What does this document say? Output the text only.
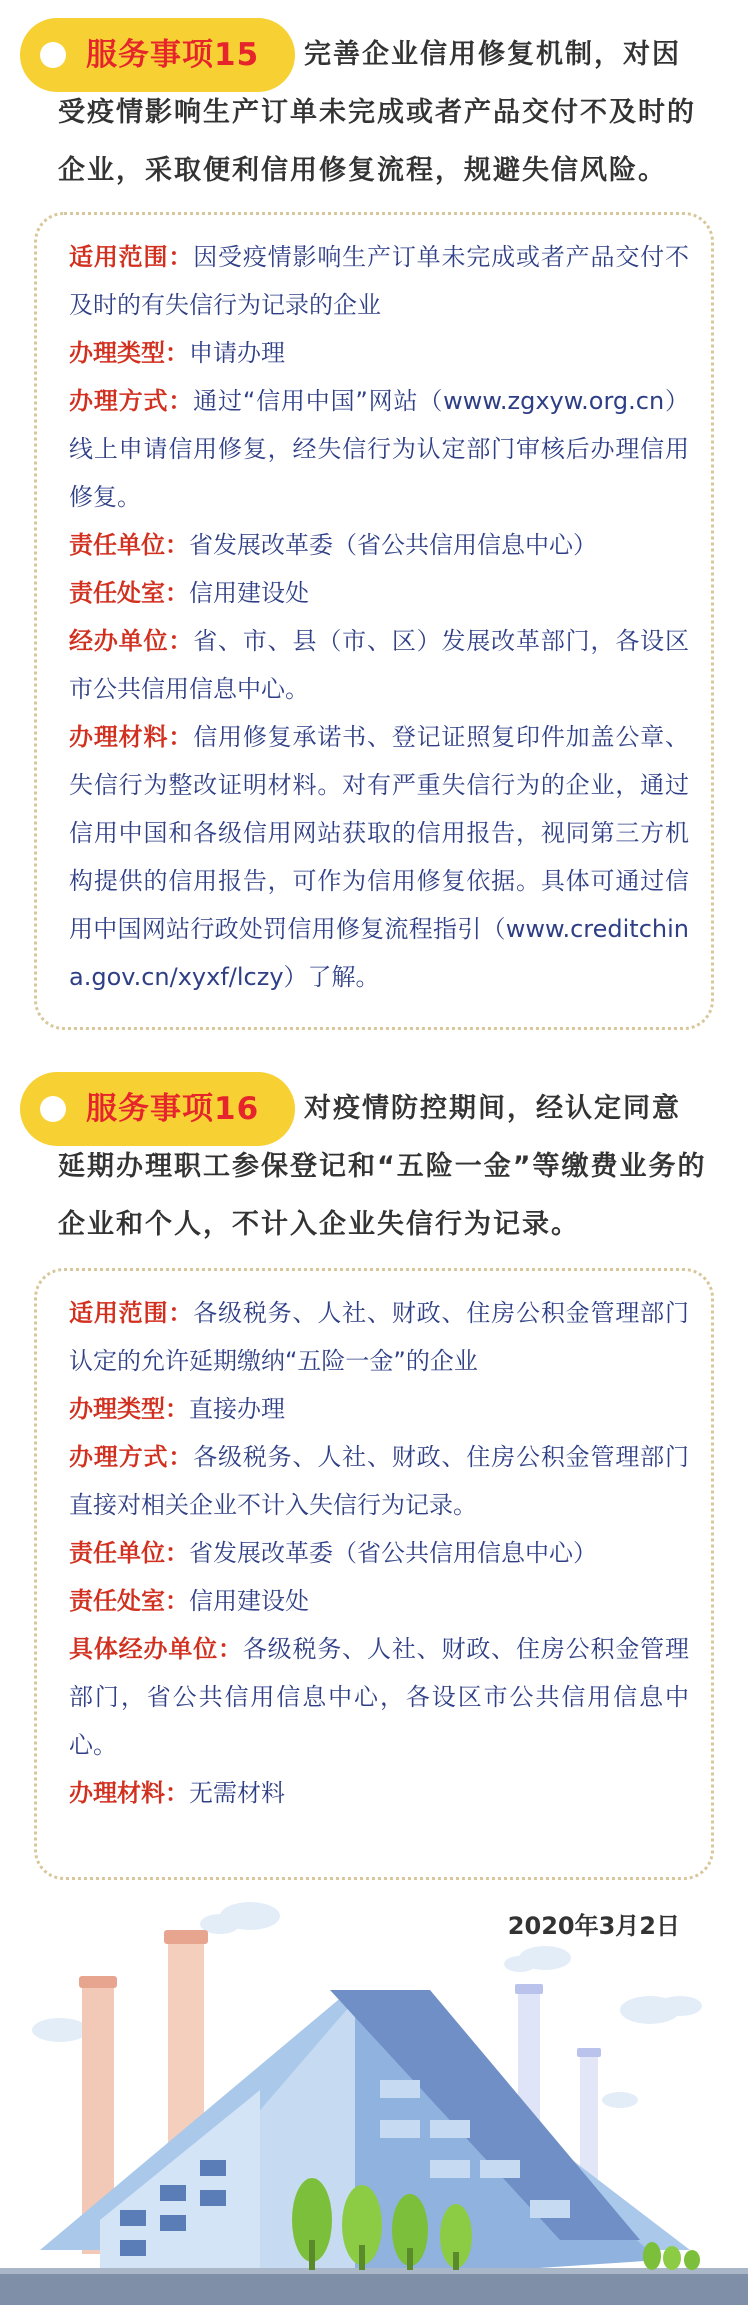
服务事项15	完善企业信用修复机制，对因受疫情影响生产订单未完成或者产品交付不及时的企业，采取便利信用修复流程，规避失信风险。

适用范围：因受疫情影响生产订单未完成或者产品交付不及时的有失信行为记录的企业

办理类型：申请办理

办理方式：通过“信用中国”网站（www.zgxyw.org.cn）线上申请信用修复，经失信行为认定部门审核后办理信用修复。

责任单位：省发展改革委（省公共信用信息中心）

责任处室：信用建设处

经办单位：省、市、县（市、区）发展改革部门，各设区市公共信用信息中心。

办理材料：信用修复承诺书、登记证照复印件加盖公章、失信行为整改证明材料。对有严重失信行为的企业，通过信用中国和各级信用网站获取的信用报告，视同第三方机构提供的信用报告，可作为信用修复依据。具体可通过信用中国网站行政处罚信用修复流程指引（www.creditchina.gov.cn/xyxf/lczy）了解。

服务事项16	对疫情防控期间，经认定同意延期办理职工参保登记和“五险一金”等缴费业务的企业和个人，不计入企业失信行为记录。

适用范围：各级税务、人社、财政、住房公积金管理部门认定的允许延期缴纳“五险一金”的企业

办理类型：直接办理

办理方式：各级税务、人社、财政、住房公积金管理部门直接对相关企业不计入失信行为记录。

责任单位：省发展改革委（省公共信用信息中心）

责任处室：信用建设处

具体经办单位：各级税务、人社、财政、住房公积金管理部门，省公共信用信息中心，各设区市公共信用信息中心。

办理材料：无需材料

2020年3月2日
